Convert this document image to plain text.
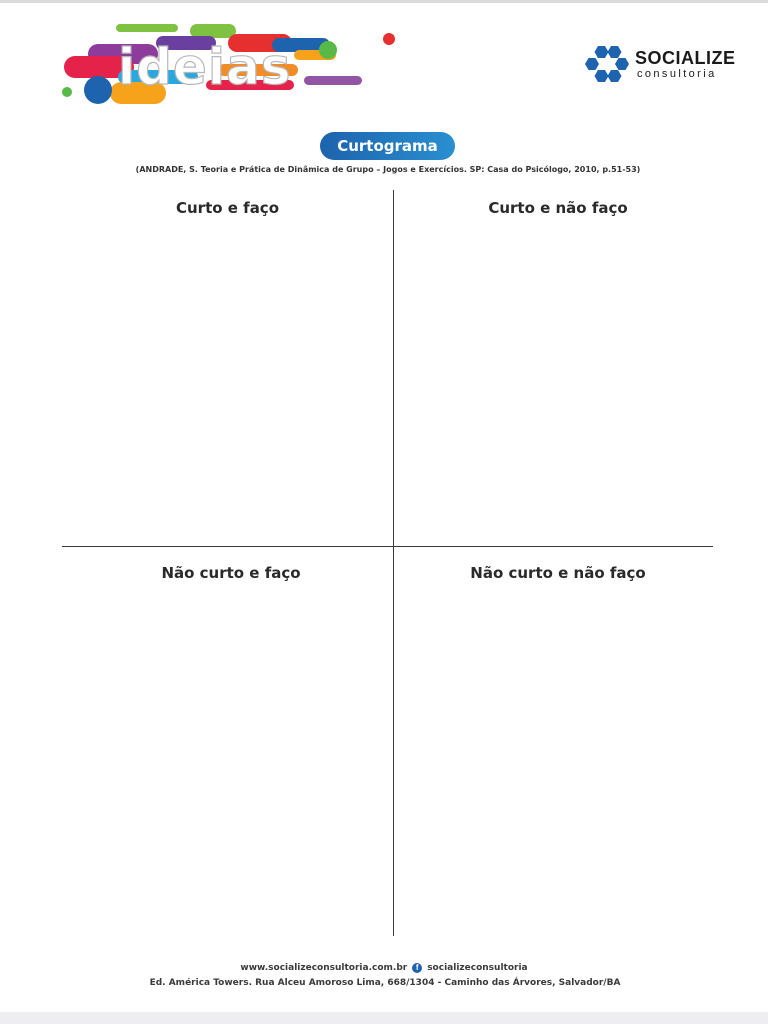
ideias	SOCIALIZE
consultoria
Curtograma
(ANDRADE, S. Teoria e Prática de Dinâmica de Grupo – Jogos e Exercícios. SP: Casa do Psicólogo, 2010, p.51-53)
Curto e faço	Curto e não faço
Não curto e faço	Não curto e não faço
www.socializeconsultoria.com.br	f socializeconsultoria
Ed. América Towers. Rua Alceu Amoroso Lima, 668/1304 - Caminho das Árvores, Salvador/BA
